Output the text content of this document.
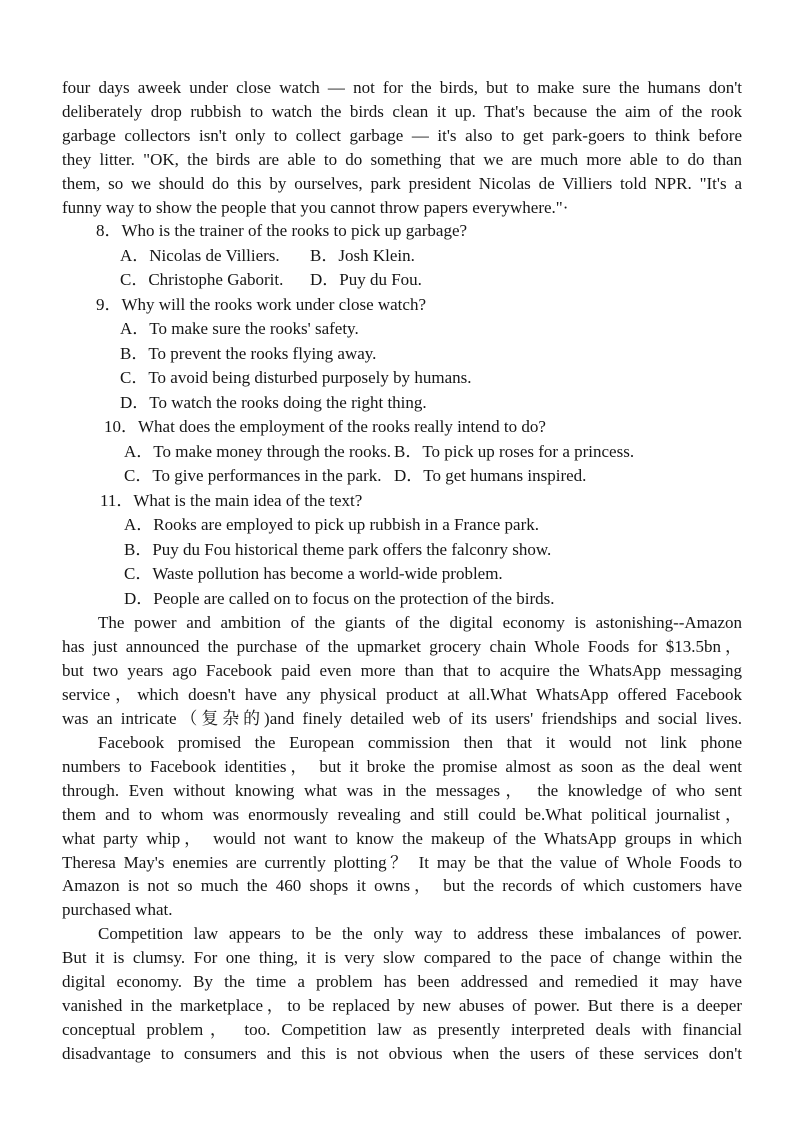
four days aweek under close watch — not for the birds, but to make sure the humans don't

deliberately drop rubbish to watch the birds clean it up. That's because the aim of the rook

garbage collectors isn't only to collect garbage — it's also to get park-goers to think before

they litter. "OK, the birds are able to do something that we are much more able to do than

them, so we should do this by ourselves, park president Nicolas de Villiers told NPR. "It's a

funny way to show the people that you cannot throw papers everywhere."·

8．Who is the trainer of the rooks to pick up garbage?

A．Nicolas de Villiers.	B．Josh Klein.
C．Christophe Gaborit.	D．Puy du Fou.

9．Why will the rooks work under close watch?

A．To make sure the rooks' safety.
B．To prevent the rooks flying away.
C．To avoid being disturbed purposely by humans.
D．To watch the rooks doing the right thing.

10．What does the employment of the rooks really intend to do?

A．To make money through the rooks. B．To pick up roses for a princess.
C．To give performances in the park. D．To get humans inspired.

11．What is the main idea of the text?

A．Rooks are employed to pick up rubbish in a France park.
B．Puy du Fou historical theme park offers the falconry show.
C．Waste pollution has become a world-wide problem.
D．People are called on to focus on the protection of the birds.

The power and ambition of the giants of the digital economy is astonishing--Amazon

has just announced the purchase of the upmarket grocery chain Whole Foods for $13.5bn，

but two years ago Facebook paid even more than that to acquire the WhatsApp messaging

service，which doesn't have any physical product at all.What WhatsApp offered Facebook

was an intricate（复杂的)and finely detailed web of its users' friendships and social lives.

Facebook promised the European commission then that it would not link phone

numbers to Facebook identities， but it broke the promise almost as soon as the deal went

through. Even without knowing what was in the messages， the knowledge of who sent

them and to whom was enormously revealing and still could be.What political journalist，

what party whip， would not want to know the makeup of the WhatsApp groups in which

Theresa May's enemies are currently plotting？ It may be that the value of Whole Foods to

Amazon is not so much the 460 shops it owns， but the records of which customers have

purchased what.

Competition law appears to be the only way to address these imbalances of power.

But it is clumsy. For one thing, it is very slow compared to the pace of change within the

digital economy. By the time a problem has been addressed and remedied it may have

vanished in the marketplace，to be replaced by new abuses of power. But there is a deeper

conceptual problem， too. Competition law as presently interpreted deals with financial

disadvantage to consumers and this is not obvious when the users of these services don't
